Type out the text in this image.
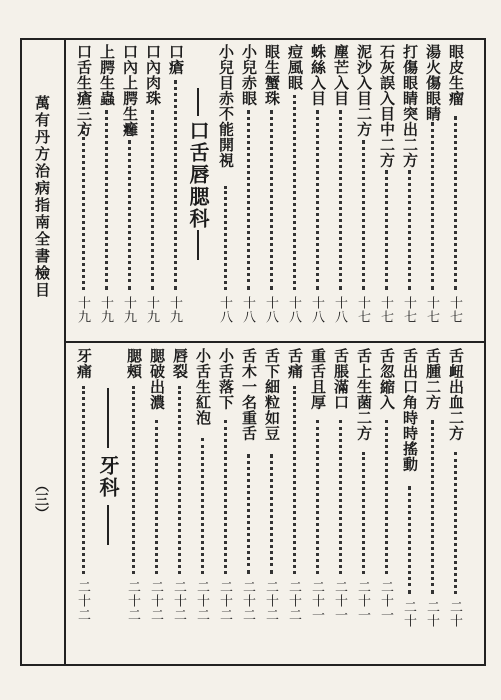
萬有丹方治病指南全書檢目
（三）
眼皮生瘤
十七
湯火傷眼睛
十七
打傷眼睛突出二方
十七
石灰誤入目中二方
十七
泥沙入目二方
十七
塵芒入目
十八
蛛絲入目
十八
痘風眼
十八
眼生蟹珠
十八
小兒赤眼
十八
小兒目赤不能開視
十八
口舌唇腮科
口瘡
十九
口內肉珠
十九
口內上腭生癰
十九
上腭生蟲
十九
口舌生瘡三方
十九
舌衄出血二方
二十
舌腫二方
二十
舌出口角時時搖動
二十
舌忽縮入
二十一
舌上生菌二方
二十一
舌脹滿口
二十一
重舌且厚
二十一
舌痛
二十二
舌下細粒如豆
二十二
舌木一名重舌
二十二
小舌落下
二十二
小舌生紅泡
二十二
唇裂
二十二
腮破出濃
二十二
腮頰
二十二
牙科
牙痛
二十二
